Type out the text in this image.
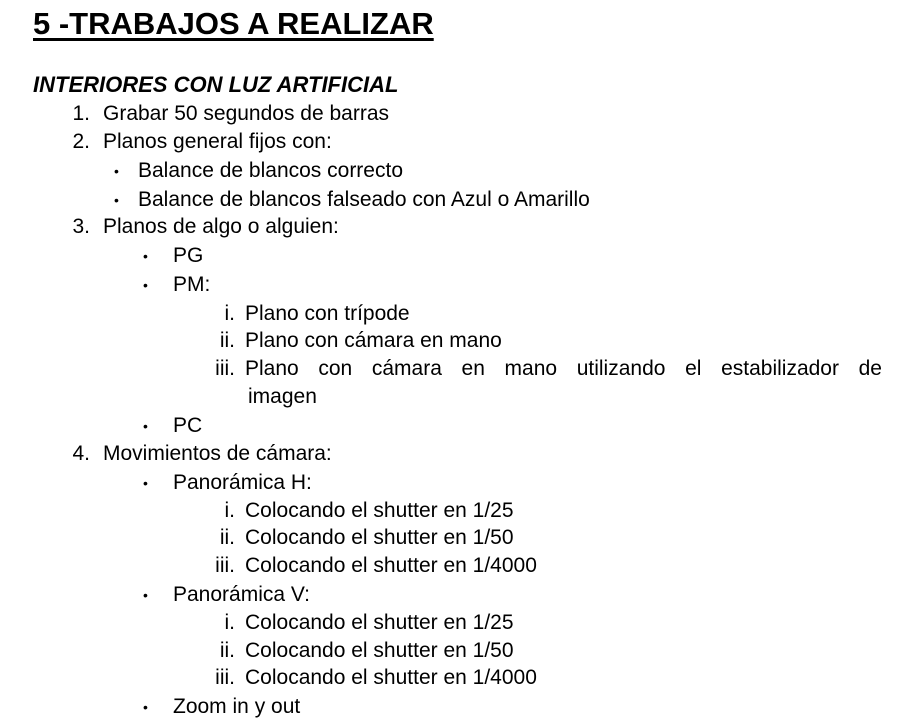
5 -TRABAJOS A REALIZAR
INTERIORES CON LUZ ARTIFICIAL
1. Grabar 50 segundos de barras
2. Planos general fijos con:
• Balance de blancos correcto
• Balance de blancos falseado con Azul o Amarillo
3. Planos de algo o alguien:
• PG
• PM:
i. Plano con trípode
ii. Plano con cámara en mano
iii. Plano con cámara en mano utilizando el estabilizador de
imagen
• PC
4. Movimientos de cámara:
• Panorámica H:
i. Colocando el shutter en 1/25
ii. Colocando el shutter en 1/50
iii. Colocando el shutter en 1/4000
• Panorámica V:
i. Colocando el shutter en 1/25
ii. Colocando el shutter en 1/50
iii. Colocando el shutter en 1/4000
• Zoom in y out
